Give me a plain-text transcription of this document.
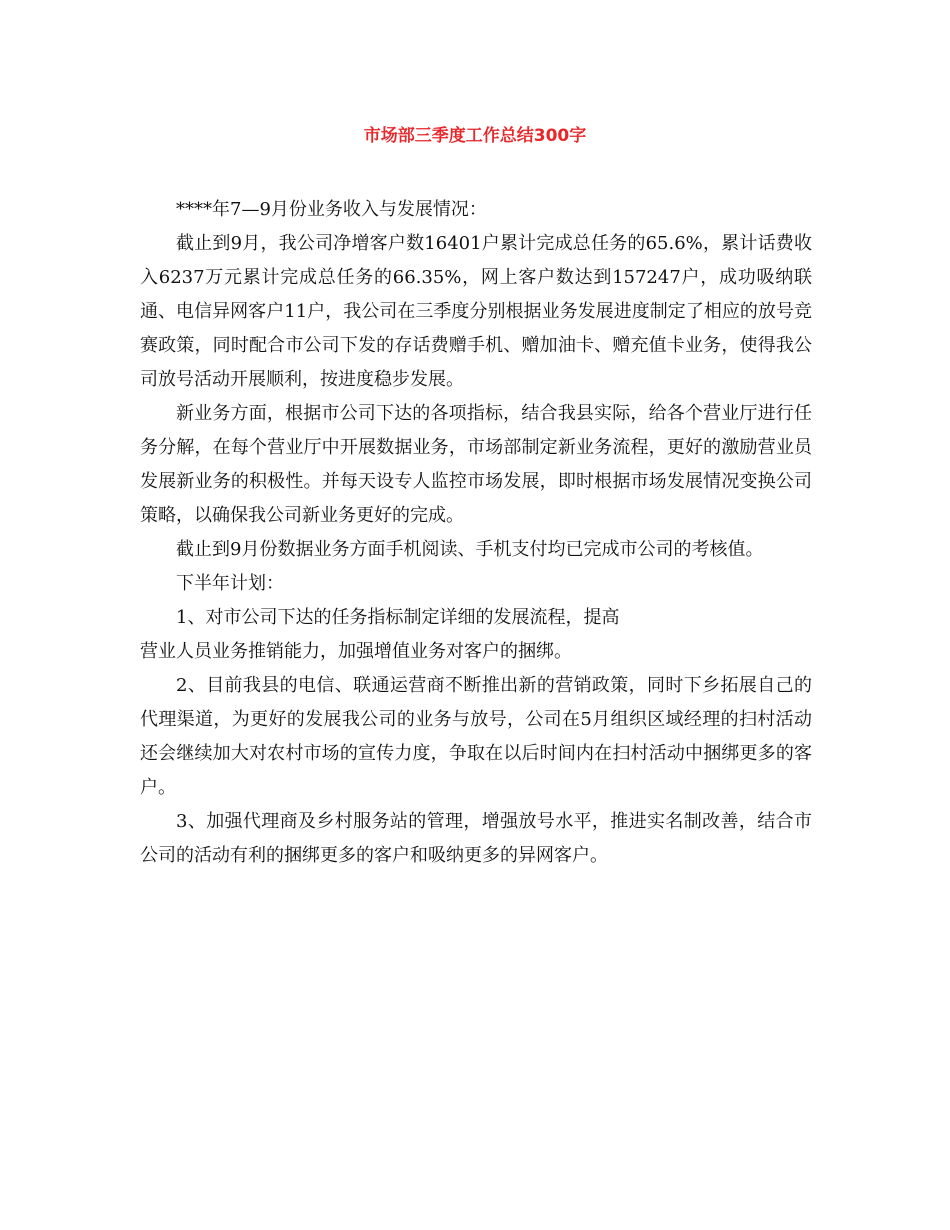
市场部三季度工作总结300字

****年7—9月份业务收入与发展情况：

截止到9月，我公司净增客户数16401户累计完成总任务的65.6%，累计话费收入6237万元累计完成总任务的66.35%，网上客户数达到157247户，成功吸纳联通、电信异网客户11户，我公司在三季度分别根据业务发展进度制定了相应的放号竞赛政策，同时配合市公司下发的存话费赠手机、赠加油卡、赠充值卡业务，使得我公司放号活动开展顺利，按进度稳步发展。

新业务方面，根据市公司下达的各项指标，结合我县实际，给各个营业厅进行任务分解，在每个营业厅中开展数据业务，市场部制定新业务流程，更好的激励营业员发展新业务的积极性。并每天设专人监控市场发展，即时根据市场发展情况变换公司策略，以确保我公司新业务更好的完成。

截止到9月份数据业务方面手机阅读、手机支付均已完成市公司的考核值。

下半年计划：

1、对市公司下达的任务指标制定详细的发展流程，提高

营业人员业务推销能力，加强增值业务对客户的捆绑。

2、目前我县的电信、联通运营商不断推出新的营销政策，同时下乡拓展自己的代理渠道，为更好的发展我公司的业务与放号，公司在5月组织区域经理的扫村活动还会继续加大对农村市场的宣传力度，争取在以后时间内在扫村活动中捆绑更多的客户。

3、加强代理商及乡村服务站的管理，增强放号水平，推进实名制改善，结合市公司的活动有利的捆绑更多的客户和吸纳更多的异网客户。
